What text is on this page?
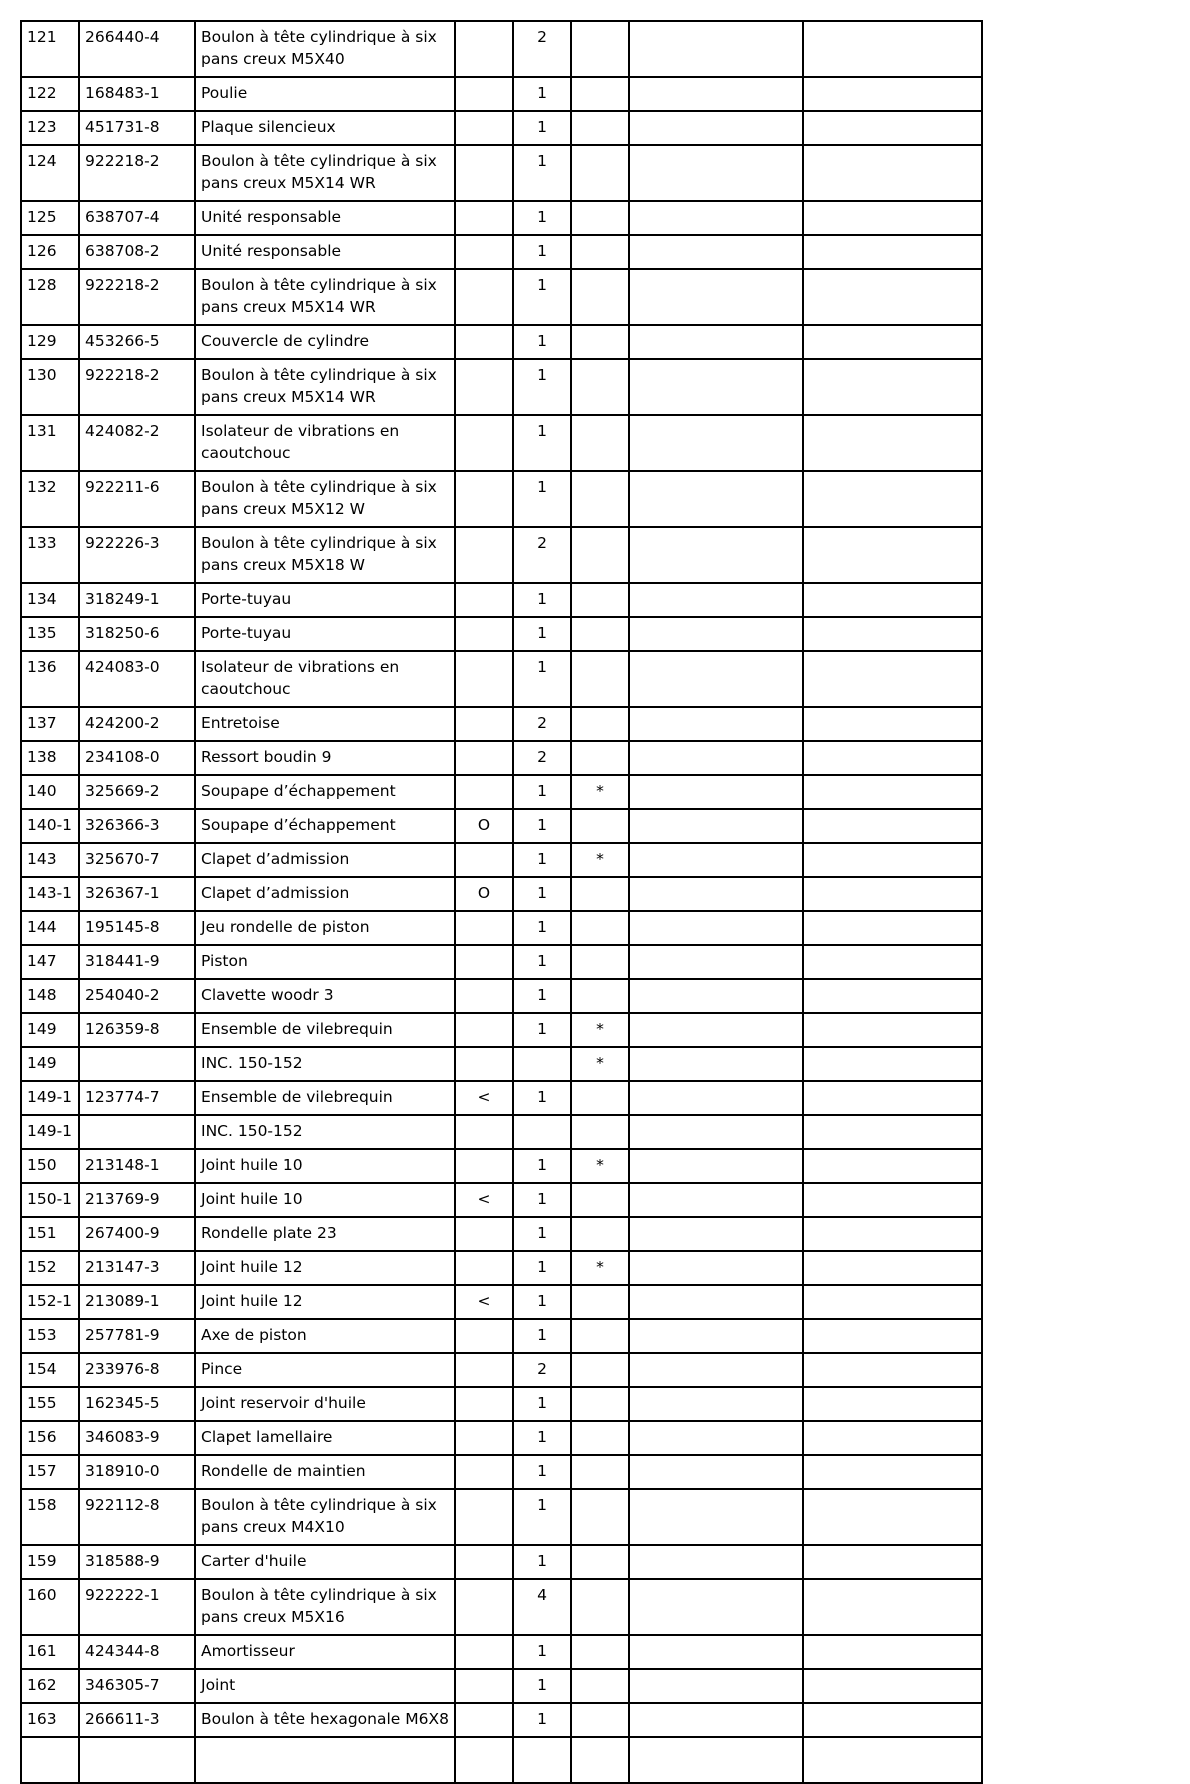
121	266440-4	Boulon à tête cylindrique à six pans creux M5X40		2			
122	168483-1	Poulie		1			
123	451731-8	Plaque silencieux		1			
124	922218-2	Boulon à tête cylindrique à six pans creux M5X14 WR		1			
125	638707-4	Unité responsable		1			
126	638708-2	Unité responsable		1			
128	922218-2	Boulon à tête cylindrique à six pans creux M5X14 WR		1			
129	453266-5	Couvercle de cylindre		1			
130	922218-2	Boulon à tête cylindrique à six pans creux M5X14 WR		1			
131	424082-2	Isolateur de vibrations en caoutchouc		1			
132	922211-6	Boulon à tête cylindrique à six pans creux M5X12 W		1			
133	922226-3	Boulon à tête cylindrique à six pans creux M5X18 W		2			
134	318249-1	Porte-tuyau		1			
135	318250-6	Porte-tuyau		1			
136	424083-0	Isolateur de vibrations en caoutchouc		1			
137	424200-2	Entretoise		2			
138	234108-0	Ressort boudin 9		2			
140	325669-2	Soupape d’échappement		1	*		
140-1	326366-3	Soupape d’échappement	O	1			
143	325670-7	Clapet d’admission		1	*		
143-1	326367-1	Clapet d’admission	O	1			
144	195145-8	Jeu rondelle de piston		1			
147	318441-9	Piston		1			
148	254040-2	Clavette woodr 3		1			
149	126359-8	Ensemble de vilebrequin		1	*		
149		INC. 150-152			*		
149-1	123774-7	Ensemble de vilebrequin	<	1			
149-1		INC. 150-152					
150	213148-1	Joint huile 10		1	*		
150-1	213769-9	Joint huile 10	<	1			
151	267400-9	Rondelle plate 23		1			
152	213147-3	Joint huile 12		1	*		
152-1	213089-1	Joint huile 12	<	1			
153	257781-9	Axe de piston		1			
154	233976-8	Pince		2			
155	162345-5	Joint reservoir d'huile		1			
156	346083-9	Clapet lamellaire		1			
157	318910-0	Rondelle de maintien		1			
158	922112-8	Boulon à tête cylindrique à six pans creux M4X10		1			
159	318588-9	Carter d'huile		1			
160	922222-1	Boulon à tête cylindrique à six pans creux M5X16		4			
161	424344-8	Amortisseur		1			
162	346305-7	Joint		1			
163	266611-3	Boulon à tête hexagonale M6X8		1			
